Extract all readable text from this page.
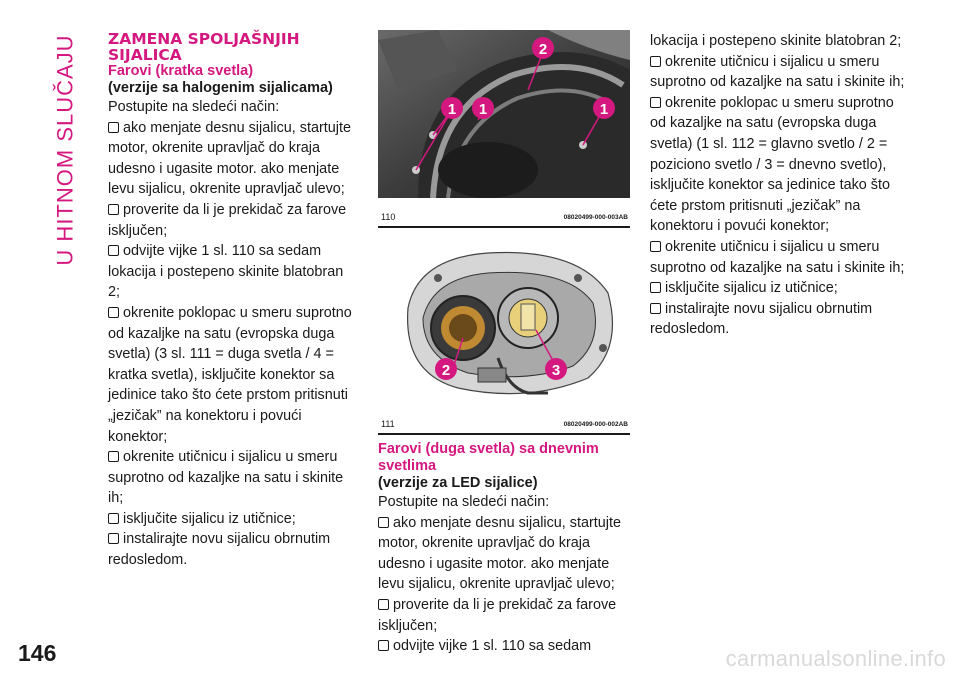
U HITNOM SLUČAJU ZAMENA SPOLJAŠNJIH SIJALICA

Farovi (kratka svetla)

(verzije sa halogenim sijalicama)

Postupite na sledeći način:

ako menjate desnu sijalicu, startujte motor, okrenite upravljač do kraja udesno i ugasite motor. ako menjate levu sijalicu, okrenite upravljač ulevo;

proverite da li je prekidač za farove isključen;

odvijte vijke 1 sl. 110 sa sedam lokacija i postepeno skinite blatobran 2;

okrenite poklopac u smeru suprotno od kazaljke na satu (evropska duga svetla) (3 sl. 111 = duga svetla / 4 = kratka svetla), isključite konektor sa jedinice tako što ćete prstom pritisnuti „jezičak” na konektoru i povući konektor;

okrenite utičnicu i sijalicu u smeru suprotno od kazaljke na satu i skinite ih;

isključite sijalicu iz utičnice;

instalirajte novu sijalicu obrnutim redosledom.

1 1
2
1
110	08020499-000-003AB
2	3
111	08020499-000-002AB

Farovi (duga svetla) sa dnevnim svetlima

(verzije za LED sijalice)

Postupite na sledeći način:

ako menjate desnu sijalicu, startujte motor, okrenite upravljač do kraja udesno i ugasite motor. ako menjate levu sijalicu, okrenite upravljač ulevo;

proverite da li je prekidač za farove isključen;

odvijte vijke 1 sl. 110 sa sedam

lokacija i postepeno skinite blatobran 2;

okrenite utičnicu i sijalicu u smeru suprotno od kazaljke na satu i skinite ih;

okrenite poklopac u smeru suprotno od kazaljke na satu (evropska duga svetla) (1 sl. 112 = glavno svetlo / 2 = poziciono svetlo / 3 = dnevno svetlo), isključite konektor sa jedinice tako što ćete prstom pritisnuti „jezičak” na konektoru i povući konektor;

okrenite utičnicu i sijalicu u smeru suprotno od kazaljke na satu i skinite ih;

isključite sijalicu iz utičnice;

instalirajte novu sijalicu obrnutim redosledom.

146	carmanualsonline.info
